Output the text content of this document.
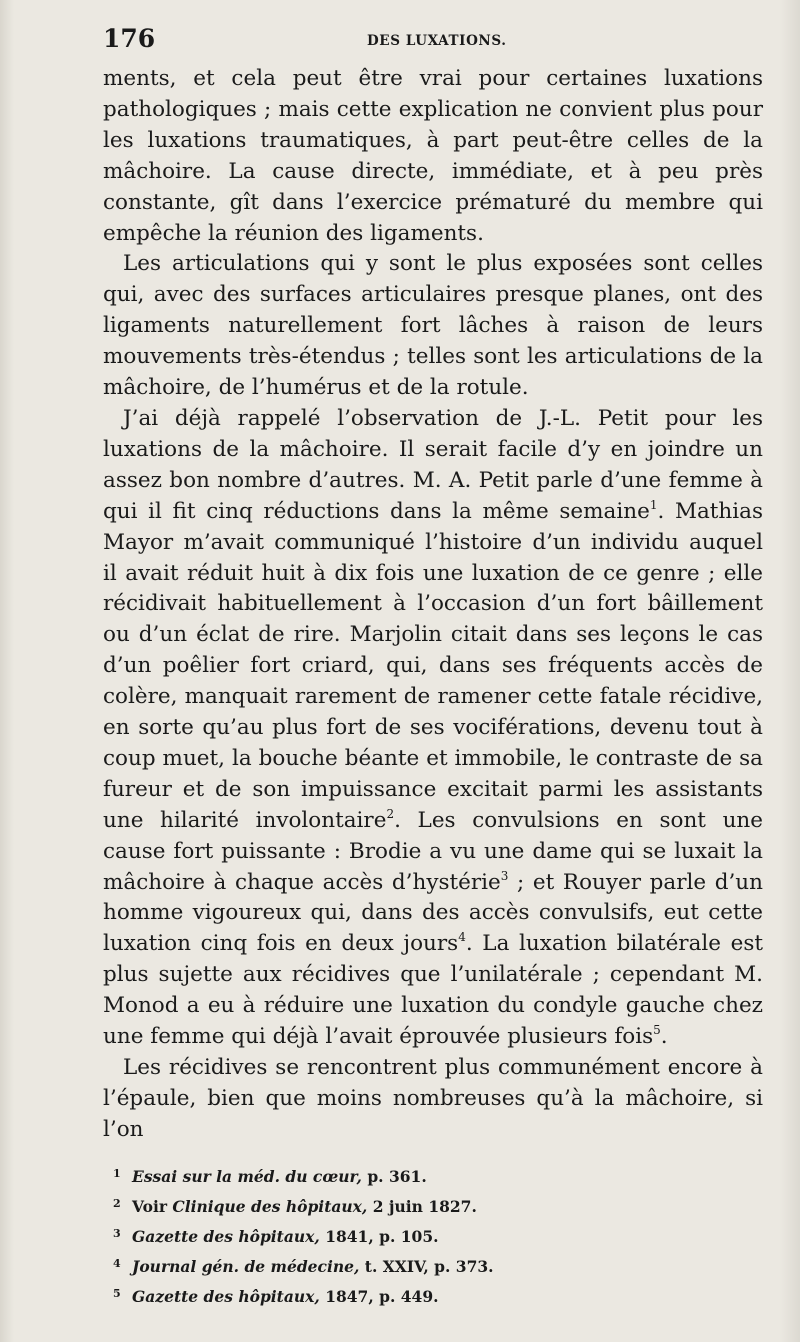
176	DES LUXATIONS.

ments, et cela peut être vrai pour certaines luxations pathologiques ; mais cette explication ne convient plus pour les luxations traumatiques, à part peut-être celles de la mâchoire. La cause directe, immédiate, et à peu près constante, gît dans l’exercice prématuré du membre qui empêche la réunion des ligaments.

Les articulations qui y sont le plus exposées sont celles qui, avec des surfaces articulaires presque planes, ont des ligaments naturellement fort lâches à raison de leurs mouvements très-étendus ; telles sont les articulations de la mâchoire, de l’humérus et de la rotule.

J’ai déjà rappelé l’observation de J.-L. Petit pour les luxations de la mâchoire. Il serait facile d’y en joindre un assez bon nombre d’autres. M. A. Petit parle d’une femme à qui il fit cinq réductions dans la même semaine$^1$. Mathias Mayor m’avait communiqué l’histoire d’un individu auquel il avait réduit huit à dix fois une luxation de ce genre ; elle récidivait habituellement à l’occasion d’un fort bâillement ou d’un éclat de rire. Marjolin citait dans ses leçons le cas d’un poêlier fort criard, qui, dans ses fréquents accès de colère, manquait rarement de ramener cette fatale récidive, en sorte qu’au plus fort de ses vociférations, devenu tout à coup muet, la bouche béante et immobile, le contraste de sa fureur et de son impuissance excitait parmi les assistants une hilarité involontaire$^2$. Les convulsions en sont une cause fort puissante : Brodie a vu une dame qui se luxait la mâchoire à chaque accès d’hystérie$^3$ ; et Rouyer parle d’un homme vigoureux qui, dans des accès convulsifs, eut cette luxation cinq fois en deux jours$^4$. La luxation bilatérale est plus sujette aux récidives que l’unilatérale ; cependant M. Monod a eu à réduire une luxation du condyle gauche chez une femme qui déjà l’avait éprouvée plusieurs fois$^5$.

Les récidives se rencontrent plus communément encore à l’épaule, bien que moins nombreuses qu’à la mâchoire, si l’on

1 Essai sur la méd. du cœur, p. 361.
2 Voir Clinique des hôpitaux, 2 juin 1827.
3 Gazette des hôpitaux, 1841, p. 105.
4 Journal gén. de médecine, t. XXIV, p. 373.
5 Gazette des hôpitaux, 1847, p. 449.
